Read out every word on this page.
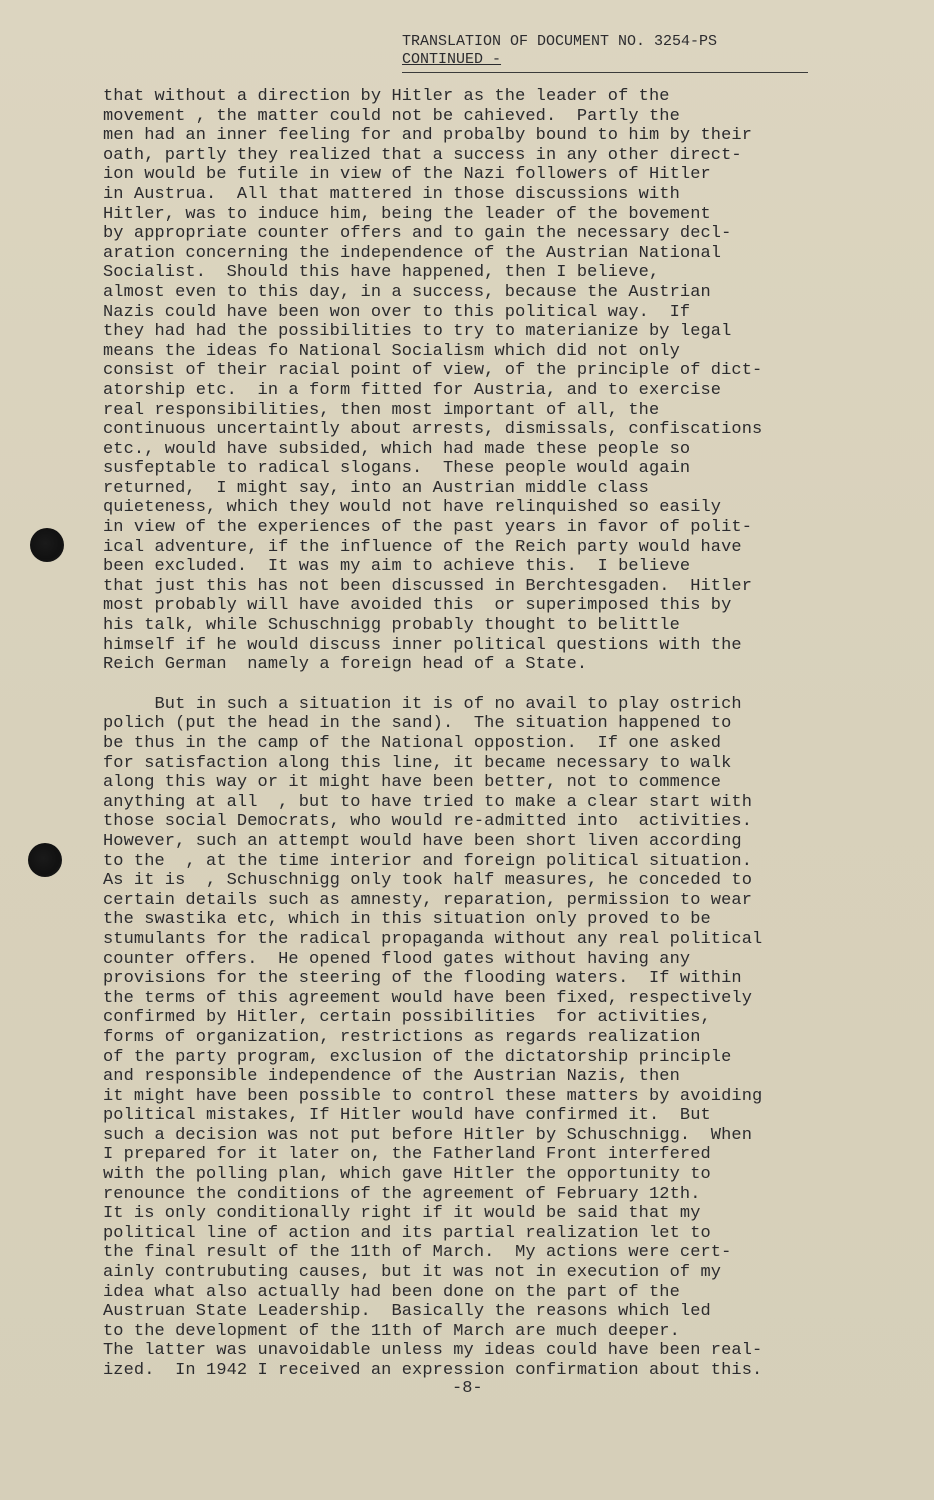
TRANSLATION OF DOCUMENT NO. 3254-PS
CONTINUED -
that without a direction by Hitler as the leader of the
movement , the matter could not be cahieved.  Partly the
men had an inner feeling for and probalby bound to him by their
oath, partly they realized that a success in any other direct-
ion would be futile in view of the Nazi followers of Hitler
in Austrua.  All that mattered in those discussions with
Hitler, was to induce him, being the leader of the bovement
by appropriate counter offers and to gain the necessary decl-
aration concerning the independence of the Austrian National
Socialist.  Should this have happened, then I believe,
almost even to this day, in a success, because the Austrian
Nazis could have been won over to this political way.  If
they had had the possibilities to try to materianize by legal
means the ideas fo National Socialism which did not only
consist of their racial point of view, of the principle of dict-
atorship etc.  in a form fitted for Austria, and to exercise
real responsibilities, then most important of all, the
continuous uncertaintly about arrests, dismissals, confiscations
etc., would have subsided, which had made these people so
susfeptable to radical slogans.  These people would again
returned,  I might say, into an Austrian middle class
quieteness, which they would not have relinquished so easily
in view of the experiences of the past years in favor of polit-
ical adventure, if the influence of the Reich party would have
been excluded.  It was my aim to achieve this.  I believe
that just this has not been discussed in Berchtesgaden.  Hitler
most probably will have avoided this  or superimposed this by
his talk, while Schuschnigg probably thought to belittle
himself if he would discuss inner political questions with the
Reich German  namely a foreign head of a State.
But in such a situation it is of no avail to play ostrich
polich (put the head in the sand).  The situation happened to
be thus in the camp of the National oppostion.  If one asked
for satisfaction along this line, it became necessary to walk
along this way or it might have been better, not to commence
anything at all  , but to have tried to make a clear start with
those social Democrats, who would re-admitted into  activities.
However, such an attempt would have been short liven according
to the  , at the time interior and foreign political situation.
As it is  , Schuschnigg only took half measures, he conceded to
certain details such as amnesty, reparation, permission to wear
the swastika etc, which in this situation only proved to be
stumulants for the radical propaganda without any real political
counter offers.  He opened flood gates without having any
provisions for the steering of the flooding waters.  If within
the terms of this agreement would have been fixed, respectively
confirmed by Hitler, certain possibilities  for activities,
forms of organization, restrictions as regards realization
of the party program, exclusion of the dictatorship principle
and responsible independence of the Austrian Nazis, then
it might have been possible to control these matters by avoiding
political mistakes, If Hitler would have confirmed it.  But
such a decision was not put before Hitler by Schuschnigg.  When
I prepared for it later on, the Fatherland Front interfered
with the polling plan, which gave Hitler the opportunity to
renounce the conditions of the agreement of February 12th.
It is only conditionally right if it would be said that my
political line of action and its partial realization let to
the final result of the 11th of March.  My actions were cert-
ainly contrubuting causes, but it was not in execution of my
idea what also actually had been done on the part of the
Austruan State Leadership.  Basically the reasons which led
to the development of the 11th of March are much deeper.
The latter was unavoidable unless my ideas could have been real-
ized.  In 1942 I received an expression confirmation about this.
-8-
